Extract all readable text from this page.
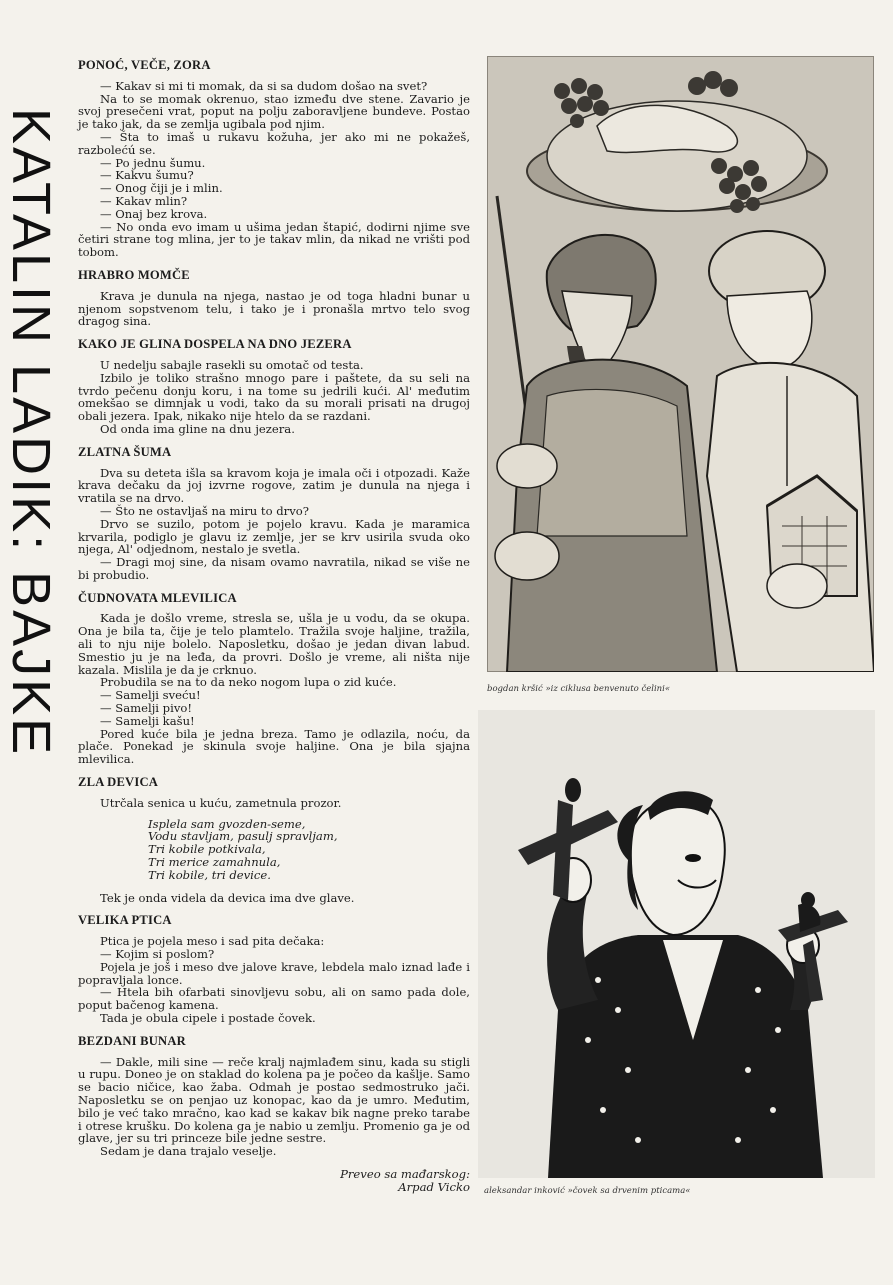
KATALIN LADIK: BAJKE
PONOĆ, VEČE, ZORA

— Kakav si mi ti momak, da si sa dudom došao na svet?

Na to se momak okrenuo, stao između dve stene. Zavario je svoj presečeni vrat, poput na polju zaboravljene bundeve. Postao je tako jak, da se zemlja ugibala pod njim.

— Šta to imaš u rukavu kožuha, jer ako mi ne pokažeš, razbolećú se.

— Po jednu šumu.

— Kakvu šumu?

— Onog čiji je i mlin.

— Kakav mlin?

— Onaj bez krova.

— No onda evo imam u ušima jedan štapić, dodirni njime sve četiri strane tog mlina, jer to je takav mlin, da nikad ne vrišti pod tobom.

HRABRO MOMČE

Krava je dunula na njega, nastao je od toga hladni bunar u njenom sopstvenom telu, i tako je i pronašla mrtvo telo svog dragog sina.

KAKO JE GLINA DOSPELA NA DNO JEZERA

U nedelju sabajle rasekli su omotač od testa.

Izbilo je toliko strašno mnogo pare i paštete, da su seli na tvrdo pečenu donju koru, i na tome su jedrili kući. Al' međutim omekšao se dimnjak u vodi, tako da su morali prisati na drugoj obali jezera. Ipak, nikako nije htelo da se razdani.

Od onda ima gline na dnu jezera.

ZLATNA ŠUMA

Dva su deteta išla sa kravom koja je imala oči i otpozadi. Kaže krava dečaku da joj izvrne rogove, zatim je dunula na njega i vratila se na drvo.

— Što ne ostavljaš na miru to drvo?

Drvo se suzilo, potom je pojelo kravu. Kada je maramica krvarila, podiglo je glavu iz zemlje, jer se krv usirila svuda oko njega, Al' odjednom, nestalo je svetla.

— Dragi moj sine, da nisam ovamo navratila, nikad se više ne bi probudio.

ČUDNOVATA MLEVILICA

Kada je došlo vreme, stresla se, ušla je u vodu, da se okupa. Ona je bila ta, čije je telo plamtelo. Tražila svoje haljine, tražila, ali to nju nije bolelo. Naposletku, došao je jedan divan labud. Smestio ju je na leđa, da provri. Došlo je vreme, ali ništa nije kazala. Mislila je da je crknuo.

Probudila se na to da neko nogom lupa o zid kuće.

— Samelji sveću!

— Samelji pivo!

— Samelji kašu!

Pored kuće bila je jedna breza. Tamo je odlazila, noću, da plače. Ponekad je skinula svoje haljine. Ona je bila sjajna mlevilica.

ZLA DEVICA

Utrčala senica u kuću, zametnula prozor.

Isplela sam gvozden-seme,

Vodu stavljam, pasulj spravljam,

Tri kobile potkivala,

Tri merice zamahnula,

Tri kobile, tri device.

Tek je onda videla da devica ima dve glave.

VELIKA PTICA

Ptica je pojela meso i sad pita dečaka:

— Kojim si poslom?

Pojela je još i meso dve jalove krave, lebdela malo iznad lađe i popravljala lonce.

— Htela bih ofarbati sinovljevu sobu, ali on samo pada dole, poput bačenog kamena.

Tada je obula cipele i postade čovek.

BEZDANI BUNAR

— Dakle, mili sine — reče kralj najmlađem sinu, kada su stigli u rupu. Doneo je on staklad do kolena pa je počeo da kašlje. Samo se bacio ničice, kao žaba. Odmah je postao sedmostruko jači. Naposletku se on penjao uz konopac, kao da je umro. Međutim, bilo je već tako mračno, kao kad se kakav bik nagne preko tarabe i otrese krušku. Do kolena ga je nabio u zemlju. Promenio ga je od glave, jer su tri princeze bile jedne sestre.

Sedam je dana trajalo veselje.

Preveo sa mađarskog:

Arpad Vicko

bogdan kršić »iz ciklusa benvenuto čelini«
aleksandar inković »čovek sa drvenim pticama«
